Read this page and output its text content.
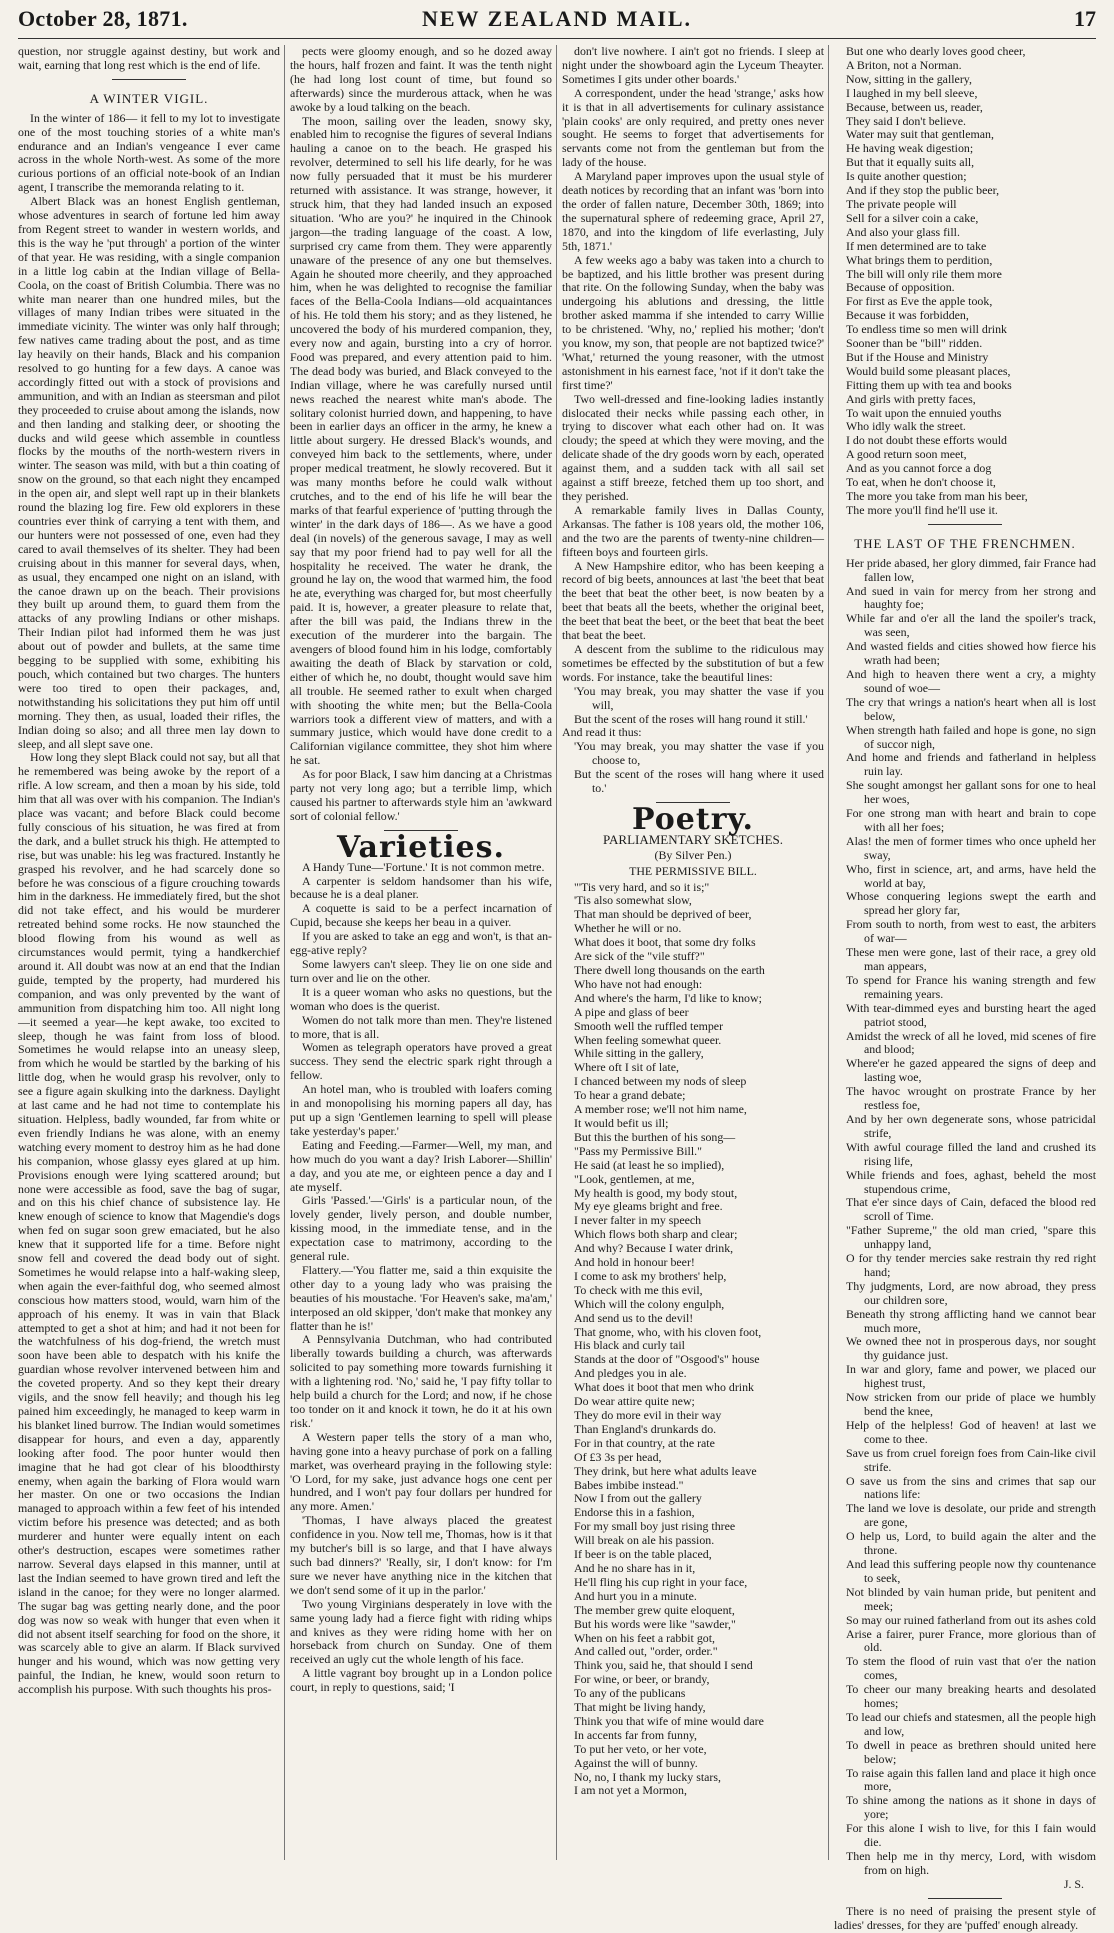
October 28, 1871.	NEW ZEALAND MAIL.	17

question, nor struggle against destiny, but work and wait, earning that long rest which is the end of life.

A WINTER VIGIL.

In the winter of 186— it fell to my lot to investigate one of the most touching stories of a white man's endurance and an Indian's vengeance I ever came across in the whole North-west. As some of the more curious portions of an official note-book of an Indian agent, I transcribe the memoranda relating to it.

Albert Black was an honest English gentleman, whose adventures in search of fortune led him away from Regent street to wander in western worlds, and this is the way he 'put through' a portion of the winter of that year. He was residing, with a single companion in a little log cabin at the Indian village of Bella-Coola, on the coast of British Columbia. There was no white man nearer than one hundred miles, but the villages of many Indian tribes were situated in the immediate vicinity. The winter was only half through; few natives came trading about the post, and as time lay heavily on their hands, Black and his companion resolved to go hunting for a few days. A canoe was accordingly fitted out with a stock of provisions and ammunition, and with an Indian as steersman and pilot they proceeded to cruise about among the islands, now and then landing and stalking deer, or shooting the ducks and wild geese which assemble in countless flocks by the mouths of the north-western rivers in winter. The season was mild, with but a thin coating of snow on the ground, so that each night they encamped in the open air, and slept well rapt up in their blankets round the blazing log fire. Few old explorers in these countries ever think of carrying a tent with them, and our hunters were not possessed of one, even had they cared to avail themselves of its shelter. They had been cruising about in this manner for several days, when, as usual, they encamped one night on an island, with the canoe drawn up on the beach. Their provisions they built up around them, to guard them from the attacks of any prowling Indians or other mishaps. Their Indian pilot had informed them he was just about out of powder and bullets, at the same time begging to be supplied with some, exhibiting his pouch, which contained but two charges. The hunters were too tired to open their packages, and, notwithstanding his solicitations they put him off until morning. They then, as usual, loaded their rifles, the Indian doing so also; and all three men lay down to sleep, and all slept save one.

How long they slept Black could not say, but all that he remembered was being awoke by the report of a rifle. A low scream, and then a moan by his side, told him that all was over with his companion. The Indian's place was vacant; and before Black could become fully conscious of his situation, he was fired at from the dark, and a bullet struck his thigh. He attempted to rise, but was unable: his leg was fractured. Instantly he grasped his revolver, and he had scarcely done so before he was conscious of a figure crouching towards him in the darkness. He immediately fired, but the shot did not take effect, and his would be murderer retreated behind some rocks. He now staunched the blood flowing from his wound as well as circumstances would permit, tying a handkerchief around it. All doubt was now at an end that the Indian guide, tempted by the property, had murdered his companion, and was only prevented by the want of ammunition from dispatching him too. All night long—it seemed a year—he kept awake, too excited to sleep, though he was faint from loss of blood. Sometimes he would relapse into an uneasy sleep, from which he would be startled by the barking of his little dog, when he would grasp his revolver, only to see a figure again skulking into the darkness. Daylight at last came and he had not time to contemplate his situation. Helpless, badly wounded, far from white or even friendly Indians he was alone, with an enemy watching every moment to destroy him as he had done his companion, whose glassy eyes glared at up him. Provisions enough were lying scattered around; but none were accessible as food, save the bag of sugar, and on this his chief chance of subsistence lay. He knew enough of science to know that Magendie's dogs when fed on sugar soon grew emaciated, but he also knew that it supported life for a time. Before night snow fell and covered the dead body out of sight. Sometimes he would relapse into a half-waking sleep, when again the ever-faithful dog, who seemed almost conscious how matters stood, would, warn him of the approach of his enemy. It was in vain that Black attempted to get a shot at him; and had it not been for the watchfulness of his dog-friend, the wretch must soon have been able to despatch with his knife the guardian whose revolver intervened between him and the coveted property. And so they kept their dreary vigils, and the snow fell heavily; and though his leg pained him exceedingly, he managed to keep warm in his blanket lined burrow. The Indian would sometimes disappear for hours, and even a day, apparently looking after food. The poor hunter would then imagine that he had got clear of his bloodthirsty enemy, when again the barking of Flora would warn her master. On one or two occasions the Indian managed to approach within a few feet of his intended victim before his presence was detected; and as both murderer and hunter were equally intent on each other's destruction, escapes were sometimes rather narrow. Several days elapsed in this manner, until at last the Indian seemed to have grown tired and left the island in the canoe; for they were no longer alarmed. The sugar bag was getting nearly done, and the poor dog was now so weak with hunger that even when it did not absent itself searching for food on the shore, it was scarcely able to give an alarm. If Black survived hunger and his wound, which was now getting very painful, the Indian, he knew, would soon return to accomplish his purpose. With such thoughts his pros-

pects were gloomy enough, and so he dozed away the hours, half frozen and faint. It was the tenth night (he had long lost count of time, but found so afterwards) since the murderous attack, when he was awoke by a loud talking on the beach.

The moon, sailing over the leaden, snowy sky, enabled him to recognise the figures of several Indians hauling a canoe on to the beach. He grasped his revolver, determined to sell his life dearly, for he was now fully persuaded that it must be his murderer returned with assistance. It was strange, however, it struck him, that they had landed insuch an exposed situation. 'Who are you?' he inquired in the Chinook jargon—the trading language of the coast. A low, surprised cry came from them. They were apparently unaware of the presence of any one but themselves. Again he shouted more cheerily, and they approached him, when he was delighted to recognise the familiar faces of the Bella-Coola Indians—old acquaintances of his. He told them his story; and as they listened, he uncovered the body of his murdered companion, they, every now and again, bursting into a cry of horror. Food was prepared, and every attention paid to him. The dead body was buried, and Black conveyed to the Indian village, where he was carefully nursed until news reached the nearest white man's abode. The solitary colonist hurried down, and happening, to have been in earlier days an officer in the army, he knew a little about surgery. He dressed Black's wounds, and conveyed him back to the settlements, where, under proper medical treatment, he slowly recovered. But it was many months before he could walk without crutches, and to the end of his life he will bear the marks of that fearful experience of 'putting through the winter' in the dark days of 186—. As we have a good deal (in novels) of the generous savage, I may as well say that my poor friend had to pay well for all the hospitality he received. The water he drank, the ground he lay on, the wood that warmed him, the food he ate, everything was charged for, but most cheerfully paid. It is, however, a greater pleasure to relate that, after the bill was paid, the Indians threw in the execution of the murderer into the bargain. The avengers of blood found him in his lodge, comfortably awaiting the death of Black by starvation or cold, either of which he, no doubt, thought would save him all trouble. He seemed rather to exult when charged with shooting the white men; but the Bella-Coola warriors took a different view of matters, and with a summary justice, which would have done credit to a Californian vigilance committee, they shot him where he sat.

As for poor Black, I saw him dancing at a Christmas party not very long ago; but a terrible limp, which caused his partner to afterwards style him an 'awkward sort of colonial fellow.'

Varieties.

A Handy Tune—'Fortune.' It is not common metre.

A carpenter is seldom handsomer than his wife, because he is a deal planer.

A coquette is said to be a perfect incarnation of Cupid, because she keeps her beau in a quiver.

If you are asked to take an egg and won't, is that an-egg-ative reply?

Some lawyers can't sleep. They lie on one side and turn over and lie on the other.

It is a queer woman who asks no questions, but the woman who does is the querist.

Women do not talk more than men. They're listened to more, that is all.

Women as telegraph operators have proved a great success. They send the electric spark right through a fellow.

An hotel man, who is troubled with loafers coming in and monopolising his morning papers all day, has put up a sign 'Gentlemen learning to spell will please take yesterday's paper.'

Eating and Feeding.—Farmer—Well, my man, and how much do you want a day? Irish Laborer—Shillin' a day, and you ate me, or eighteen pence a day and I ate myself.

Girls 'Passed.'—'Girls' is a particular noun, of the lovely gender, lively person, and double number, kissing mood, in the immediate tense, and in the expectation case to matrimony, according to the general rule.

Flattery.—'You flatter me, said a thin exquisite the other day to a young lady who was praising the beauties of his moustache. 'For Heaven's sake, ma'am,' interposed an old skipper, 'don't make that monkey any flatter than he is!'

A Pennsylvania Dutchman, who had contributed liberally towards building a church, was afterwards solicited to pay something more towards furnishing it with a lightening rod. 'No,' said he, 'I pay fifty tollar to help build a church for the Lord; and now, if he chose too tonder on it and knock it town, he do it at his own risk.'

A Western paper tells the story of a man who, having gone into a heavy purchase of pork on a falling market, was overheard praying in the following style: 'O Lord, for my sake, just advance hogs one cent per hundred, and I won't pay four dollars per hundred for any more. Amen.'

'Thomas, I have always placed the greatest confidence in you. Now tell me, Thomas, how is it that my butcher's bill is so large, and that I have always such bad dinners?' 'Really, sir, I don't know: for I'm sure we never have anything nice in the kitchen that we don't send some of it up in the parlor.'

Two young Virginians desperately in love with the same young lady had a fierce fight with riding whips and knives as they were riding home with her on horseback from church on Sunday. One of them received an ugly cut the whole length of his face.

A little vagrant boy brought up in a London police court, in reply to questions, said; 'I

don't live nowhere. I ain't got no friends. I sleep at night under the showboard agin the Lyceum Theayter. Sometimes I gits under other boards.'

A correspondent, under the head 'strange,' asks how it is that in all advertisements for culinary assistance 'plain cooks' are only required, and pretty ones never sought. He seems to forget that advertisements for servants come not from the gentleman but from the lady of the house.

A Maryland paper improves upon the usual style of death notices by recording that an infant was 'born into the order of fallen nature, December 30th, 1869; into the supernatural sphere of redeeming grace, April 27, 1870, and into the kingdom of life everlasting, July 5th, 1871.'

A few weeks ago a baby was taken into a church to be baptized, and his little brother was present during that rite. On the following Sunday, when the baby was undergoing his ablutions and dressing, the little brother asked mamma if she intended to carry Willie to be christened. 'Why, no,' replied his mother; 'don't you know, my son, that people are not baptized twice?' 'What,' returned the young reasoner, with the utmost astonishment in his earnest face, 'not if it don't take the first time?'

Two well-dressed and fine-looking ladies instantly dislocated their necks while passing each other, in trying to discover what each other had on. It was cloudy; the speed at which they were moving, and the delicate shade of the dry goods worn by each, operated against them, and a sudden tack with all sail set against a stiff breeze, fetched them up too short, and they perished.

A remarkable family lives in Dallas County, Arkansas. The father is 108 years old, the mother 106, and the two are the parents of twenty-nine children—fifteen boys and fourteen girls.

A New Hampshire editor, who has been keeping a record of big beets, announces at last 'the beet that beat the beet that beat the other beet, is now beaten by a beet that beats all the beets, whether the original beet, the beet that beat the beet, or the beet that beat the beet that beat the beet.

A descent from the sublime to the ridiculous may sometimes be effected by the substitution of but a few words. For instance, take the beautiful lines:

'You may break, you may shatter the vase if you will,
But the scent of the roses will hang round it still.'

And read it thus:

'You may break, you may shatter the vase if you choose to,
But the scent of the roses will hang where it used to.'
Poetry.
PARLIAMENTARY SKETCHES.
(By Silver Pen.)
THE PERMISSIVE BILL.
"'Tis very hard, and so it is;"
'Tis also somewhat slow,
That man should be deprived of beer,
Whether he will or no.
What does it boot, that some dry folks
Are sick of the "vile stuff?"
There dwell long thousands on the earth
Who have not had enough:
And where's the harm, I'd like to know;
A pipe and glass of beer
Smooth well the ruffled temper
When feeling somewhat queer.
While sitting in the gallery,
Where oft I sit of late,
I chanced between my nods of sleep
To hear a grand debate;
A member rose; we'll not him name,
It would befit us ill;
But this the burthen of his song—
"Pass my Permissive Bill."
He said (at least he so implied),
"Look, gentlemen, at me,
My health is good, my body stout,
My eye gleams bright and free.
I never falter in my speech
Which flows both sharp and clear;
And why? Because I water drink,
And hold in honour beer!
I come to ask my brothers' help,
To check with me this evil,
Which will the colony engulph,
And send us to the devil!
That gnome, who, with his cloven foot,
His black and curly tail
Stands at the door of "Osgood's" house
And pledges you in ale.
What does it boot that men who drink
Do wear attire quite new;
They do more evil in their way
Than England's drunkards do.
For in that country, at the rate
Of £3 3s per head,
They drink, but here what adults leave
Babes imbibe instead."
Now I from out the gallery
Endorse this in a fashion,
For my small boy just rising three
Will break on ale his passion.
If beer is on the table placed,
And he no share has in it,
He'll fling his cup right in your face,
And hurt you in a minute.
The member grew quite eloquent,
But his words were like "sawder,"
When on his feet a rabbit got,
And called out, "order, order."
Think you, said he, that should I send
For wine, or beer, or brandy,
To any of the publicans
That might be living handy,
Think you that wife of mine would dare
In accents far from funny,
To put her veto, or her vote,
Against the will of bunny.
No, no, I thank my lucky stars,
I am not yet a Mormon,
But one who dearly loves good cheer,
A Briton, not a Norman.
Now, sitting in the gallery,
I laughed in my bell sleeve,
Because, between us, reader,
They said I don't believe.
Water may suit that gentleman,
He having weak digestion;
But that it equally suits all,
Is quite another question;
And if they stop the public beer,
The private people will
Sell for a silver coin a cake,
And also your glass fill.
If men determined are to take
What brings them to perdition,
The bill will only rile them more
Because of opposition.
For first as Eve the apple took,
Because it was forbidden,
To endless time so men will drink
Sooner than be "bill" ridden.
But if the House and Ministry
Would build some pleasant places,
Fitting them up with tea and books
And girls with pretty faces,
To wait upon the ennuied youths
Who idly walk the street.
I do not doubt these efforts would
A good return soon meet,
And as you cannot force a dog
To eat, when he don't choose it,
The more you take from man his beer,
The more you'll find he'll use it.
THE LAST OF THE FRENCHMEN.
Her pride abased, her glory dimmed, fair France had fallen low,
And sued in vain for mercy from her strong and haughty foe;
While far and o'er all the land the spoiler's track, was seen,
And wasted fields and cities showed how fierce his wrath had been;
And high to heaven there went a cry, a mighty sound of woe—
The cry that wrings a nation's heart when all is lost below,
When strength hath failed and hope is gone, no sign of succor nigh,
And home and friends and fatherland in helpless ruin lay.
She sought amongst her gallant sons for one to heal her woes,
For one strong man with heart and brain to cope with all her foes;
Alas! the men of former times who once upheld her sway,
Who, first in science, art, and arms, have held the world at bay,
Whose conquering legions swept the earth and spread her glory far,
From south to north, from west to east, the arbiters of war—
These men were gone, last of their race, a grey old man appears,
To spend for France his waning strength and few remaining years.
With tear-dimmed eyes and bursting heart the aged patriot stood,
Amidst the wreck of all he loved, mid scenes of fire and blood;
Where'er he gazed appeared the signs of deep and lasting woe,
The havoc wrought on prostrate France by her restless foe,
And by her own degenerate sons, whose patricidal strife,
With awful courage filled the land and crushed its rising life,
While friends and foes, aghast, beheld the most stupendous crime,
That e'er since days of Cain, defaced the blood red scroll of Time.
"Father Supreme," the old man cried, "spare this unhappy land,
O for thy tender mercies sake restrain thy red right hand;
Thy judgments, Lord, are now abroad, they press our children sore,
Beneath thy strong afflicting hand we cannot bear much more,
We owned thee not in prosperous days, nor sought thy guidance just.
In war and glory, fame and power, we placed our highest trust,
Now stricken from our pride of place we humbly bend the knee,
Help of the helpless! God of heaven! at last we come to thee.
Save us from cruel foreign foes from Cain-like civil strife.
O save us from the sins and crimes that sap our nations life:
The land we love is desolate, our pride and strength are gone,
O help us, Lord, to build again the alter and the throne.
And lead this suffering people now thy countenance to seek,
Not blinded by vain human pride, but penitent and meek;
So may our ruined fatherland from out its ashes cold
Arise a fairer, purer France, more glorious than of old.
To stem the flood of ruin vast that o'er the nation comes,
To cheer our many breaking hearts and desolated homes;
To lead our chiefs and statesmen, all the people high and low,
To dwell in peace as brethren should united here below;
To raise again this fallen land and place it high once more,
To shine among the nations as it shone in days of yore;
For this alone I wish to live, for this I fain would die.
Then help me in thy mercy, Lord, with wisdom from on high.
J. S.

There is no need of praising the present style of ladies' dresses, for they are 'puffed' enough already.
